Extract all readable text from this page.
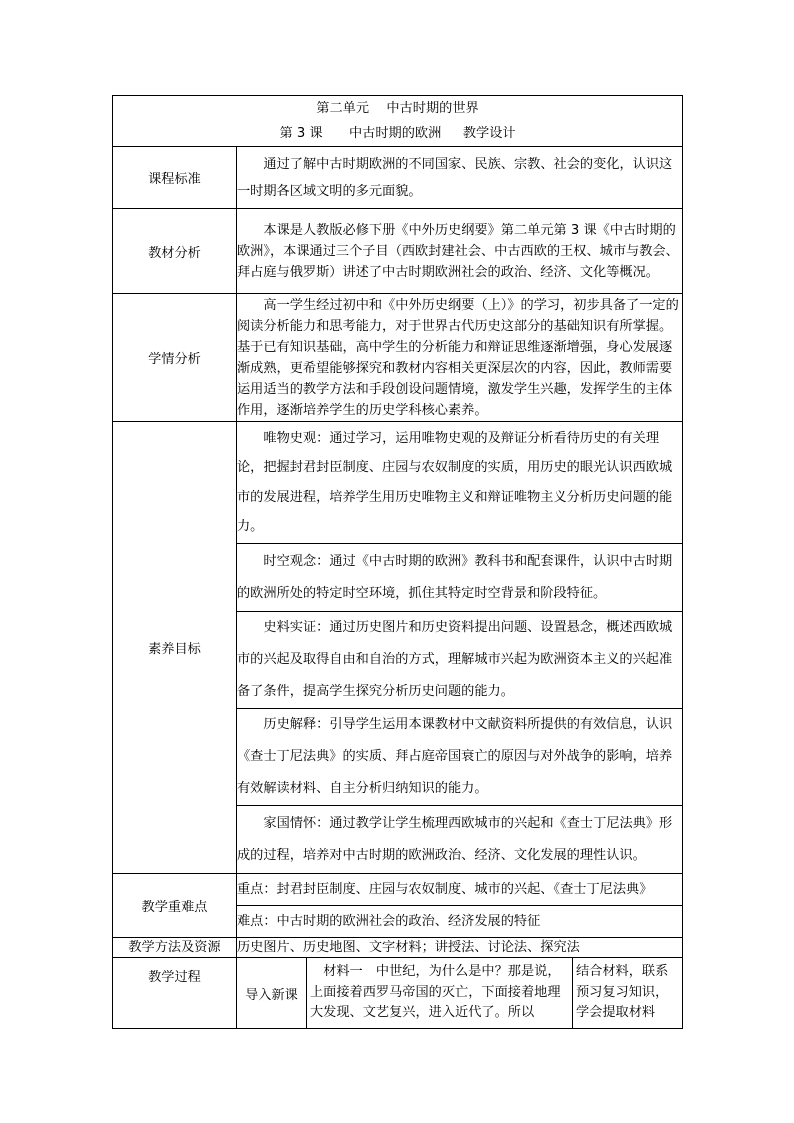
第二单元　 中古时期的世界
第 3 课　　中古时期的欧洲　  教学设计			

课程标准	通过了解中古时期欧洲的不同国家、民族、宗教、社会的变化，认识这一时期各区域文明的多元面貌。		
教材分析	本课是人教版必修下册《中外历史纲要》第二单元第 3 课《中古时期的欧洲》，本课通过三个子目（西欧封建社会、中古西欧的王权、城市与教会、拜占庭与俄罗斯）讲述了中古时期欧洲社会的政治、经济、文化等概况。		
学情分析	高一学生经过初中和《中外历史纲要（上）》的学习，初步具备了一定的阅读分析能力和思考能力，对于世界古代历史这部分的基础知识有所掌握。基于已有知识基础，高中学生的分析能力和辩证思维逐渐增强，身心发展逐渐成熟，更希望能够探究和教材内容相关更深层次的内容，因此，教师需要运用适当的教学方法和手段创设问题情境，激发学生兴趣，发挥学生的主体作用，逐渐培养学生的历史学科核心素养。		
素养目标	唯物史观：通过学习，运用唯物史观的及辩证分析看待历史的有关理论，把握封君封臣制度、庄园与农奴制度的实质，用历史的眼光认识西欧城市的发展进程，培养学生用历史唯物主义和辩证唯物主义分析历史问题的能力。		
	时空观念：通过《中古时期的欧洲》教科书和配套课件，认识中古时期的欧洲所处的特定时空环境，抓住其特定时空背景和阶段特征。		
	史料实证：通过历史图片和历史资料提出问题、设置悬念，概述西欧城市的兴起及取得自由和自治的方式，理解城市兴起为欧洲资本主义的兴起准备了条件，提高学生探究分析历史问题的能力。		
	历史解释：引导学生运用本课教材中文献资料所提供的有效信息，认识《查士丁尼法典》的实质、拜占庭帝国衰亡的原因与对外战争的影响，培养有效解读材料、自主分析归纳知识的能力。		
	家国情怀：通过教学让学生梳理西欧城市的兴起和《查士丁尼法典》形成的过程，培养对中古时期的欧洲政治、经济、文化发展的理性认识。		
教学重难点	重点：封君封臣制度、庄园与农奴制度、城市的兴起、《查士丁尼法典》		
	难点：中古时期的欧洲社会的政治、经济发展的特征		
教学方法及资源	历史图片、历史地图、文字材料；讲授法、讨论法、探究法		
教学过程	导入新课	材料一　中世纪，为什么是中？那是说，上面接着西罗马帝国的灭亡，下面接着地理大发现、文艺复兴，进入近代了。所以	结合材料，联系预习复习知识，学会提取材料
